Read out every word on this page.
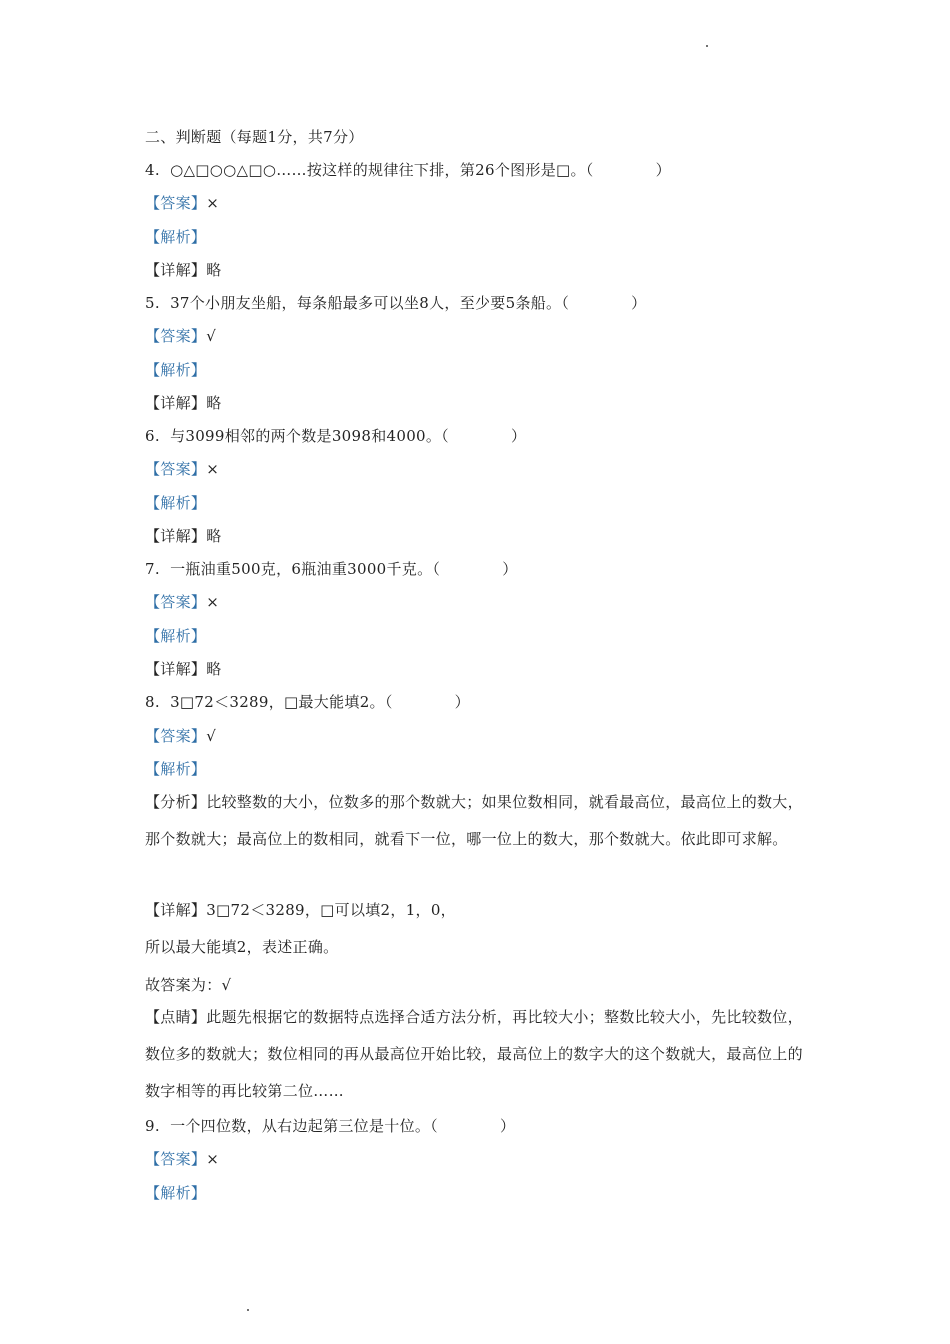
二、判断题（每题1分，共7分）
4. ○△□○○△□○……按这样的规律往下排，第26个图形是□。（	）
【答案】×
【解析】
【详解】略
5. 37个小朋友坐船，每条船最多可以坐8人，至少要5条船。（	）
【答案】√
【解析】
【详解】略
6. 与3099相邻的两个数是3098和4000。（	）
【答案】×
【解析】
【详解】略
7. 一瓶油重500克，6瓶油重3000千克。（	）
【答案】×
【解析】
【详解】略
8. 3□72＜3289，□最大能填2。（	）
【答案】√
【解析】

【分析】比较整数的大小，位数多的那个数就大；如果位数相同，就看最高位，最高位上的数大，那个数就大；最高位上的数相同，就看下一位，哪一位上的数大，那个数就大。依此即可求解。

【详解】3□72＜3289，□可以填2，1，0，
所以最大能填2，表述正确。
故答案为：√

【点睛】此题先根据它的数据特点选择合适方法分析，再比较大小；整数比较大小，先比较数位，数位多的数就大；数位相同的再从最高位开始比较，最高位上的数字大的这个数就大，最高位上的数字相等的再比较第二位……

9. 一个四位数，从右边起第三位是十位。（	）
【答案】×
【解析】
